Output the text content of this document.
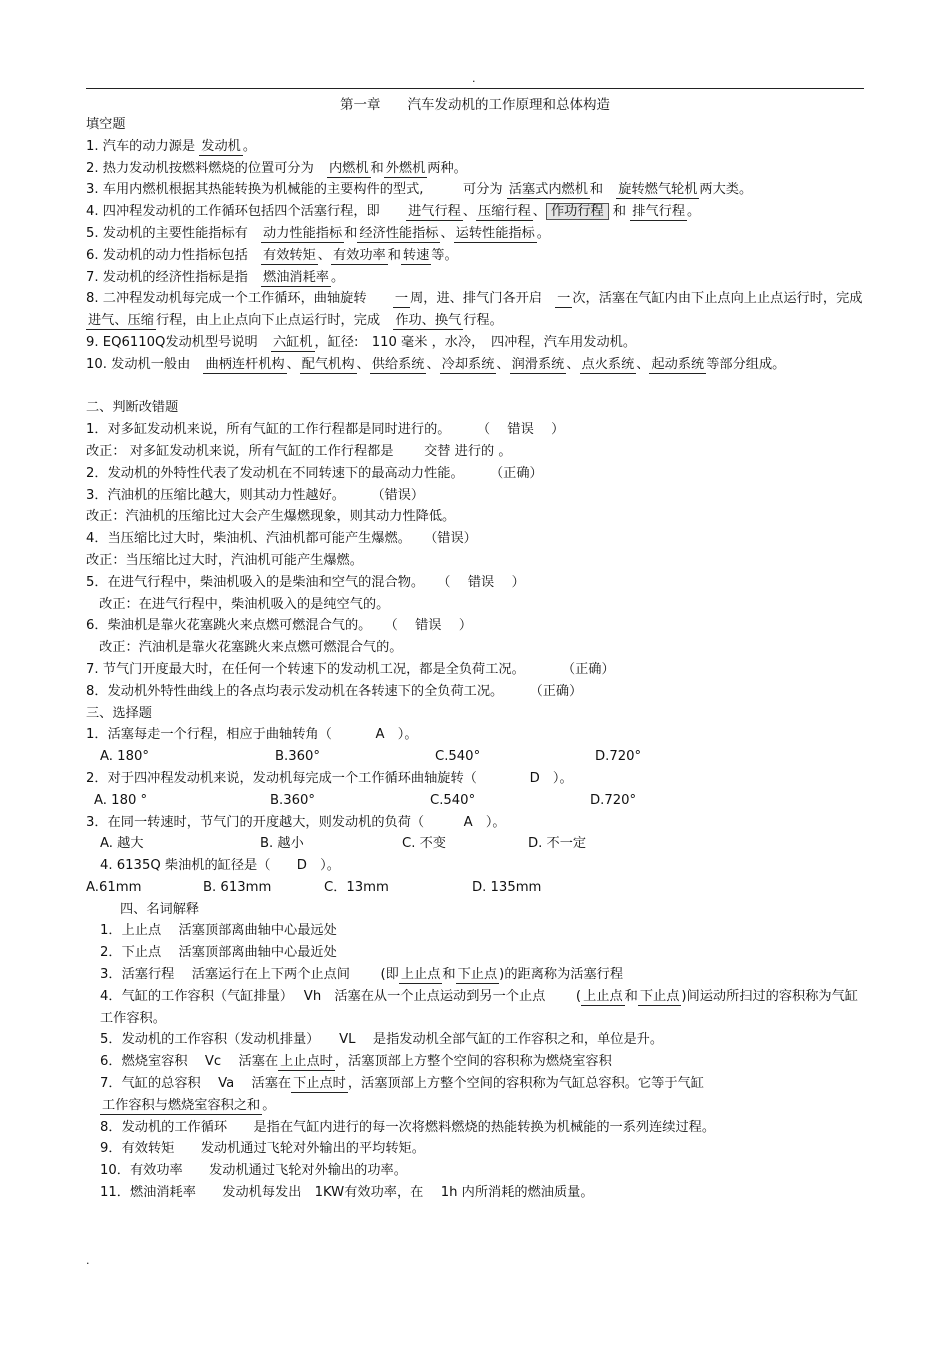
.
第一章　　汽车发动机的工作原理和总体构造
填空题
1. 汽车的动力源是 发动机 。
2. 热力发动机按燃料燃烧的位置可分为　内燃机 和 外燃机 两种。
3. 车用内燃机根据其热能转换为机械能的主要构件的型式,　　　可分为 活塞式内燃机 和　旋转燃气轮机 两大类。
4. 四冲程发动机的工作循环包括四个活塞行程，即　　进气行程 、 压缩行程 、 作功行程 和 排气行程 。
5. 发动机的主要性能指标有　动力性能指标 和 经济性能指标 、 运转性能指标 。
6. 发动机的动力性指标包括　有效转矩 、 有效功率 和 转速 等。
7. 发动机的经济性指标是指　燃油消耗率 。
8. 二冲程发动机每完成一个工作循环，曲轴旋转　　一 周，进、排气门各开启　一 次，活塞在气缸内由下止点向上止点运行时，完成　进气、压缩 行程，由上止点向下止点运行时，完成　作功、换气 行程。
9. EQ6110Q发动机型号说明　六缸机 ，缸径:　110 毫米 ，水冷，　四冲程，汽车用发动机。
10. 发动机一般由　曲柄连杆机构 、 配气机构 、 供给系统 、 冷却系统 、 润滑系统 、 点火系统 、 起动系统 等部分组成。
二、判断改错题
1．对多缸发动机来说，所有气缸的工作行程都是同时进行的。　　　（　 错误　 ）
改正： 对多缸发动机来说，所有气缸的工作行程都是　　 交替 进行的 。
2．发动机的外特性代表了发动机在不同转速下的最高动力性能。　　　（正确）
3．汽油机的压缩比越大，则其动力性越好。　　　（错误）
改正：汽油机的压缩比过大会产生爆燃现象，则其动力性降低。
4．当压缩比过大时，柴油机、汽油机都可能产生爆燃。　　（错误）
改正：当压缩比过大时，汽油机可能产生爆燃。
5．在进气行程中，柴油机吸入的是柴油和空气的混合物。　　（　 错误　 ）
　改正：在进气行程中，柴油机吸入的是纯空气的。
6．柴油机是靠火花塞跳火来点燃可燃混合气的。　　（　 错误　 ）
　改正：汽油机是靠火花塞跳火来点燃可燃混合气的。
7. 节气门开度最大时，在任何一个转速下的发动机工况，都是全负荷工况。　　　 （正确）
8．发动机外特性曲线上的各点均表示发动机在各转速下的全负荷工况。　　　（正确）
三、选择题
1．活塞每走一个行程，相应于曲轴转角（　　　 A　）。
A. 180°	B.360°	C.540°	D.720°
2．对于四冲程发动机来说，发动机每完成一个工作循环曲轴旋转（　　　　D　）。
A. 180 °	B.360°	C.540°	D.720°
3．在同一转速时，节气门的开度越大，则发动机的负荷（　　　A　）。
A. 越大	B. 越小	C. 不变	D. 不一定
4. 6135Q 柴油机的缸径是（　　D　）。
A.61mm	B. 613mm	C．13mm	D. 135mm
四、名词解释
1．上止点　 活塞顶部离曲轴中心最远处
2．下止点　 活塞顶部离曲轴中心最近处
3．活塞行程　 活塞运行在上下两个止点间　　 (即 上止点 和 下止点 )的距离称为活塞行程
4．气缸的工作容积（气缸排量）　 Vh　活塞在从一个止点运动到另一个止点　　 ( 上止点 和 下止点 )间运动所扫过的容积称为气缸工作容积。
5．发动机的工作容积（发动机排量）　　VL　 是指发动机全部气缸的工作容积之和，单位是升。
6．燃烧室容积　 Vc　 活塞在 上止点时 ，活塞顶部上方整个空间的容积称为燃烧室容积
7．气缸的总容积　 Va　 活塞在 下止点时 ，活塞顶部上方整个空间的容积称为气缸总容积。它等于气缸　　　　工作容积与燃烧室容积之和 。
8．发动机的工作循环　　是指在气缸内进行的每一次将燃料燃烧的热能转换为机械能的一系列连续过程。
9．有效转矩　　发动机通过飞轮对外输出的平均转矩。
10．有效功率　　发动机通过飞轮对外输出的功率。
11．燃油消耗率　　发动机每发出　1KW有效功率，在　 1h 内所消耗的燃油质量。
.
